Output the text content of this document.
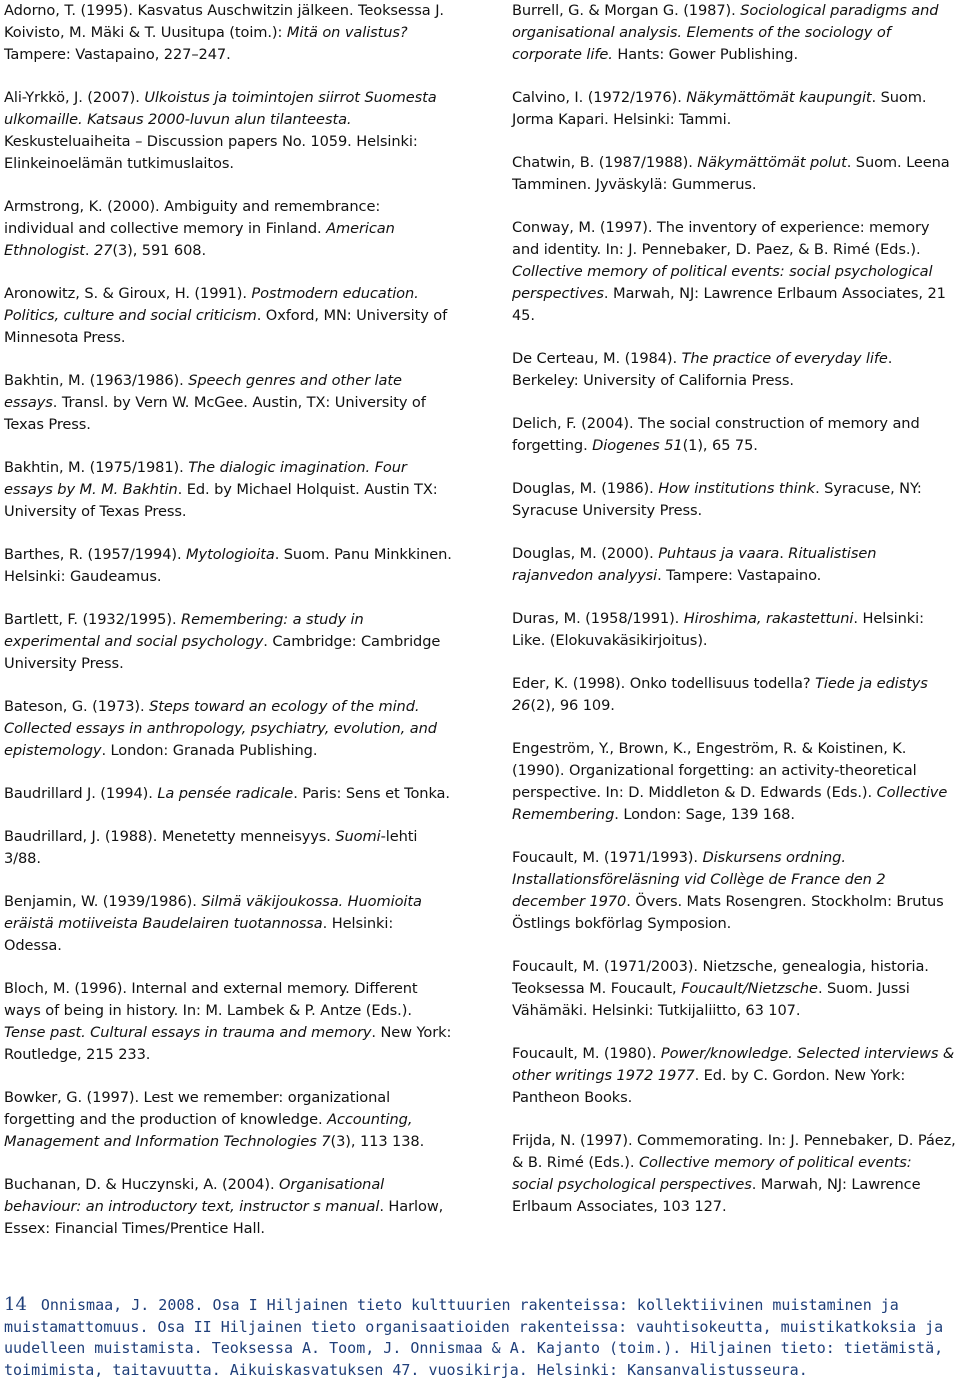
Adorno, T. (1995). Kasvatus Auschwitzin jälkeen. Teoksessa J. Koivisto, M. Mäki & T. Uusitupa (toim.): Mitä on valistus? Tampere: Vastapaino, 227–247.

Ali-Yrkkö, J. (2007). Ulkoistus ja toimintojen siirrot Suomesta ulkomaille. Katsaus 2000-luvun alun tilanteesta. Keskusteluaiheita – Discussion papers No. 1059. Helsinki: Elinkeinoelämän tutkimuslaitos.

Armstrong, K. (2000). Ambiguity and remembrance: individual and collective memory in Finland. American Ethnologist. 27(3), 591 608.

Aronowitz, S. & Giroux, H. (1991). Postmodern education. Politics, culture and social criticism. Oxford, MN: University of Minnesota Press.

Bakhtin, M. (1963/1986). Speech genres and other late essays. Transl. by Vern W. McGee. Austin, TX: University of Texas Press.

Bakhtin, M. (1975/1981). The dialogic imagination. Four essays by M. M. Bakhtin. Ed. by Michael Holquist. Austin TX: University of Texas Press.

Barthes, R. (1957/1994). Mytologioita. Suom. Panu Minkkinen. Helsinki: Gaudeamus.

Bartlett, F. (1932/1995). Remembering: a study in experimental and social psychology. Cambridge: Cambridge University Press.

Bateson, G. (1973). Steps toward an ecology of the mind. Collected essays in anthropology, psychiatry, evolution, and epistemology. London: Granada Publishing.

Baudrillard J. (1994). La pensée radicale. Paris: Sens et Tonka.

Baudrillard, J. (1988). Menetetty menneisyys. Suomi-lehti 3/88.

Benjamin, W. (1939/1986). Silmä väkijoukossa. Huomioita eräistä motiiveista Baudelairen tuotannossa. Helsinki: Odessa.

Bloch, M. (1996). Internal and external memory. Different ways of being in history. In: M. Lambek & P. Antze (Eds.). Tense past. Cultural essays in trauma and memory. New York: Routledge, 215 233.

Bowker, G. (1997). Lest we remember: organizational forgetting and the production of knowledge. Accounting, Management and Information Technologies 7(3), 113 138.

Buchanan, D. & Huczynski, A. (2004). Organisational behaviour: an introductory text, instructor s manual. Harlow, Essex: Financial Times/Prentice Hall.

Burrell, G. & Morgan G. (1987). Sociological paradigms and organisational analysis. Elements of the sociology of corporate life. Hants: Gower Publishing.

Calvino, I. (1972/1976). Näkymättömät kaupungit. Suom. Jorma Kapari. Helsinki: Tammi.

Chatwin, B. (1987/1988). Näkymättömät polut. Suom. Leena Tamminen. Jyväskylä: Gummerus.

Conway, M. (1997). The inventory of experience: memory and identity. In: J. Pennebaker, D. Paez, & B. Rimé (Eds.). Collective memory of political events: social psychological perspectives. Marwah, NJ: Lawrence Erlbaum Associates, 21 45.

De Certeau, M. (1984). The practice of everyday life. Berkeley: University of California Press.

Delich, F. (2004). The social construction of memory and forgetting. Diogenes 51(1), 65 75.

Douglas, M. (1986). How institutions think. Syracuse, NY: Syracuse University Press.

Douglas, M. (2000). Puhtaus ja vaara. Ritualistisen rajanvedon analyysi. Tampere: Vastapaino.

Duras, M. (1958/1991). Hiroshima, rakastettuni. Helsinki: Like. (Elokuvakäsikirjoitus).

Eder, K. (1998). Onko todellisuus todella? Tiede ja edistys 26(2), 96 109.

Engeström, Y., Brown, K., Engeström, R. & Koistinen, K. (1990). Organizational forgetting: an activity-theoretical perspective. In: D. Middleton & D. Edwards (Eds.). Collective Remembering. London: Sage, 139 168.

Foucault, M. (1971/1993). Diskursens ordning. Installationsföreläsning vid Collège de France den 2 december 1970. Övers. Mats Rosengren. Stockholm: Brutus Östlings bokförlag Symposion.

Foucault, M. (1971/2003). Nietzsche, genealogia, historia. Teoksessa M. Foucault, Foucault/Nietzsche. Suom. Jussi Vähämäki. Helsinki: Tutkijaliitto, 63 107.

Foucault, M. (1980). Power/knowledge. Selected interviews & other writings 1972 1977. Ed. by C. Gordon. New York: Pantheon Books.

Frijda, N. (1997). Commemorating. In: J. Pennebaker, D. Páez, & B. Rimé (Eds.). Collective memory of political events: social psychological perspectives. Marwah, NJ: Lawrence Erlbaum Associates, 103 127.

14 Onnismaa, J. 2008. Osa I Hiljainen tieto kulttuurien rakenteissa: kollektiivinen muistaminen ja muistamattomuus. Osa II Hiljainen tieto organisaatioiden rakenteissa: vauhtisokeutta, muistikatkoksia ja uudelleen muistamista. Teoksessa A. Toom, J. Onnismaa & A. Kajanto (toim.). Hiljainen tieto: tietämistä, toimimista, taitavuutta. Aikuiskasvatuksen 47. vuosikirja. Helsinki: Kansanvalistusseura.
